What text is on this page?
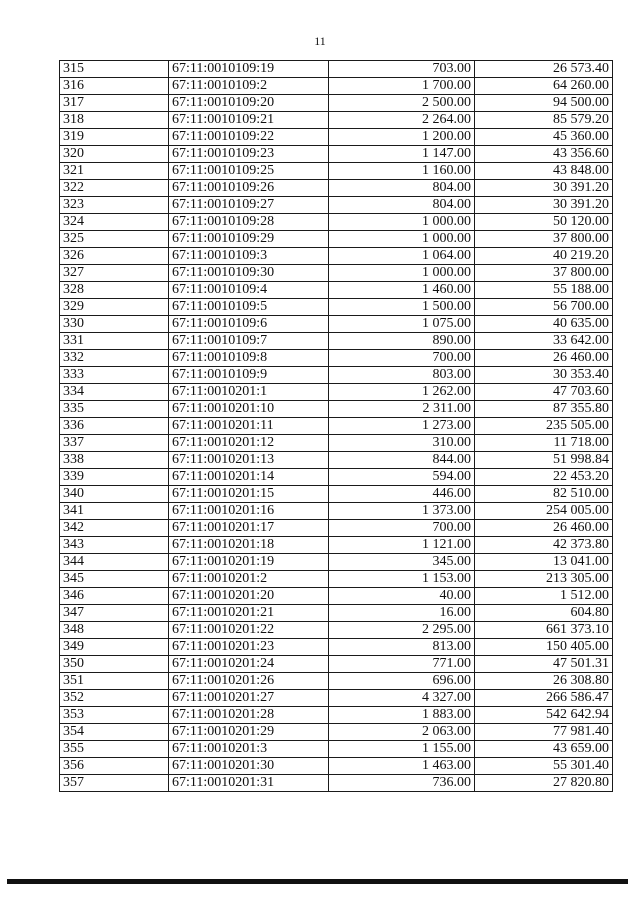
11
315	67:11:0010109:19	703.00	26 573.40
316	67:11:0010109:2	1 700.00	64 260.00
317	67:11:0010109:20	2 500.00	94 500.00
318	67:11:0010109:21	2 264.00	85 579.20
319	67:11:0010109:22	1 200.00	45 360.00
320	67:11:0010109:23	1 147.00	43 356.60
321	67:11:0010109:25	1 160.00	43 848.00
322	67:11:0010109:26	804.00	30 391.20
323	67:11:0010109:27	804.00	30 391.20
324	67:11:0010109:28	1 000.00	50 120.00
325	67:11:0010109:29	1 000.00	37 800.00
326	67:11:0010109:3	1 064.00	40 219.20
327	67:11:0010109:30	1 000.00	37 800.00
328	67:11:0010109:4	1 460.00	55 188.00
329	67:11:0010109:5	1 500.00	56 700.00
330	67:11:0010109:6	1 075.00	40 635.00
331	67:11:0010109:7	890.00	33 642.00
332	67:11:0010109:8	700.00	26 460.00
333	67:11:0010109:9	803.00	30 353.40
334	67:11:0010201:1	1 262.00	47 703.60
335	67:11:0010201:10	2 311.00	87 355.80
336	67:11:0010201:11	1 273.00	235 505.00
337	67:11:0010201:12	310.00	11 718.00
338	67:11:0010201:13	844.00	51 998.84
339	67:11:0010201:14	594.00	22 453.20
340	67:11:0010201:15	446.00	82 510.00
341	67:11:0010201:16	1 373.00	254 005.00
342	67:11:0010201:17	700.00	26 460.00
343	67:11:0010201:18	1 121.00	42 373.80
344	67:11:0010201:19	345.00	13 041.00
345	67:11:0010201:2	1 153.00	213 305.00
346	67:11:0010201:20	40.00	1 512.00
347	67:11:0010201:21	16.00	604.80
348	67:11:0010201:22	2 295.00	661 373.10
349	67:11:0010201:23	813.00	150 405.00
350	67:11:0010201:24	771.00	47 501.31
351	67:11:0010201:26	696.00	26 308.80
352	67:11:0010201:27	4 327.00	266 586.47
353	67:11:0010201:28	1 883.00	542 642.94
354	67:11:0010201:29	2 063.00	77 981.40
355	67:11:0010201:3	1 155.00	43 659.00
356	67:11:0010201:30	1 463.00	55 301.40
357	67:11:0010201:31	736.00	27 820.80
